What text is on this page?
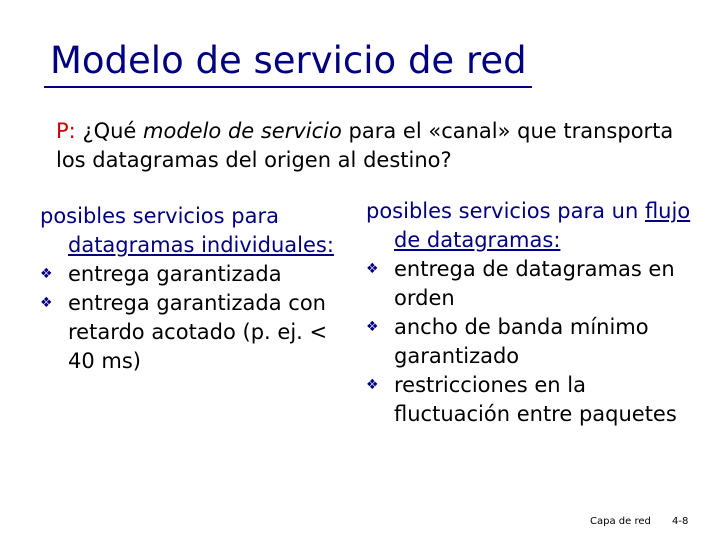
Modelo de servicio de red
P: ¿Qué modelo de servicio para el «canal» que transporta los datagramas del origen al destino?
posibles servicios para datagramas individuales:
❖ entrega garantizada
❖ entrega garantizada con retardo acotado (p. ej. < 40 ms)
posibles servicios para un flujo de datagramas:
❖ entrega de datagramas en orden
❖ ancho de banda mínimo garantizado
❖ restricciones en la fluctuación entre paquetes
Capa de red 4-8
